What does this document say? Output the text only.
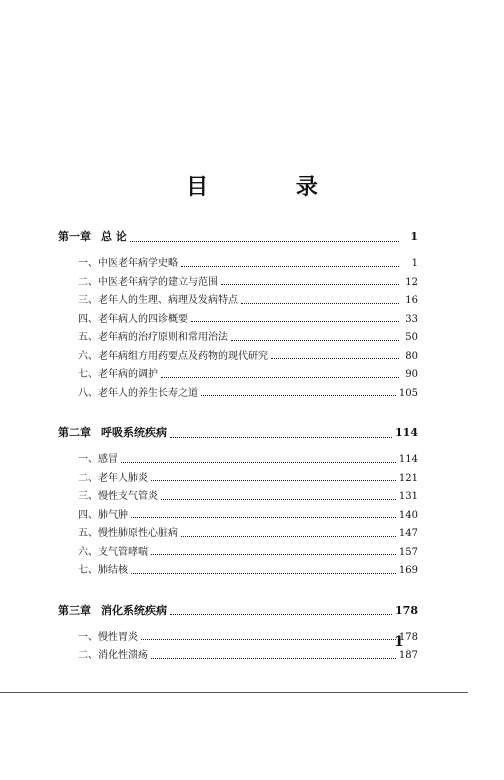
目 录
第一章 总 论	1
一、中医老年病学史略	1
二、中医老年病学的建立与范围	12
三、老年人的生理、病理及发病特点	16
四、老年病人的四诊概要	33
五、老年病的治疗原则和常用治法	50
六、老年病组方用药要点及药物的现代研究	80
七、老年病的调护	90
八、老年人的养生长寿之道	105
第二章 呼吸系统疾病	114
一、感冒	114
二、老年人肺炎	121
三、慢性支气管炎	131
四、肺气肿	140
五、慢性肺原性心脏病	147
六、支气管哮喘	157
七、肺结核	169
第三章 消化系统疾病	178
一、慢性胃炎	178
二、消化性溃疡	187
1
